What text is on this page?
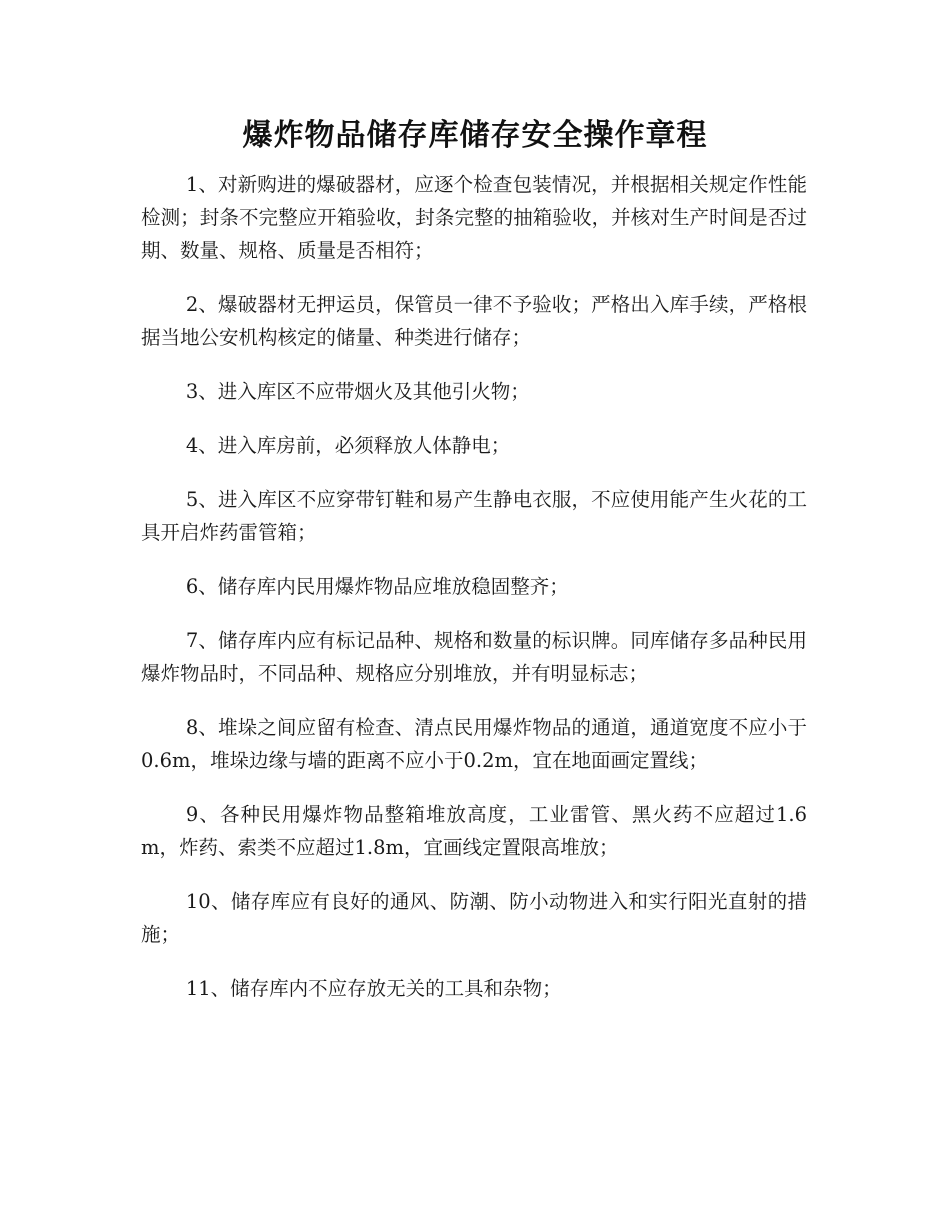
爆炸物品储存库储存安全操作章程

1、对新购进的爆破器材，应逐个检查包装情况，并根据相关规定作性能检测；封条不完整应开箱验收，封条完整的抽箱验收，并核对生产时间是否过期、数量、规格、质量是否相符；

2、爆破器材无押运员，保管员一律不予验收；严格出入库手续，严格根据当地公安机构核定的储量、种类进行储存；

3、进入库区不应带烟火及其他引火物；

4、进入库房前，必须释放人体静电；

5、进入库区不应穿带钉鞋和易产生静电衣服，不应使用能产生火花的工具开启炸药雷管箱；

6、储存库内民用爆炸物品应堆放稳固整齐；

7、储存库内应有标记品种、规格和数量的标识牌。同库储存多品种民用爆炸物品时，不同品种、规格应分别堆放，并有明显标志；

8、堆垛之间应留有检查、清点民用爆炸物品的通道，通道宽度不应小于0.6m，堆垛边缘与墙的距离不应小于0.2m，宜在地面画定置线；

9、各种民用爆炸物品整箱堆放高度，工业雷管、黑火药不应超过1.6m，炸药、索类不应超过1.8m，宜画线定置限高堆放；

10、储存库应有良好的通风、防潮、防小动物进入和实行阳光直射的措施；

11、储存库内不应存放无关的工具和杂物；
